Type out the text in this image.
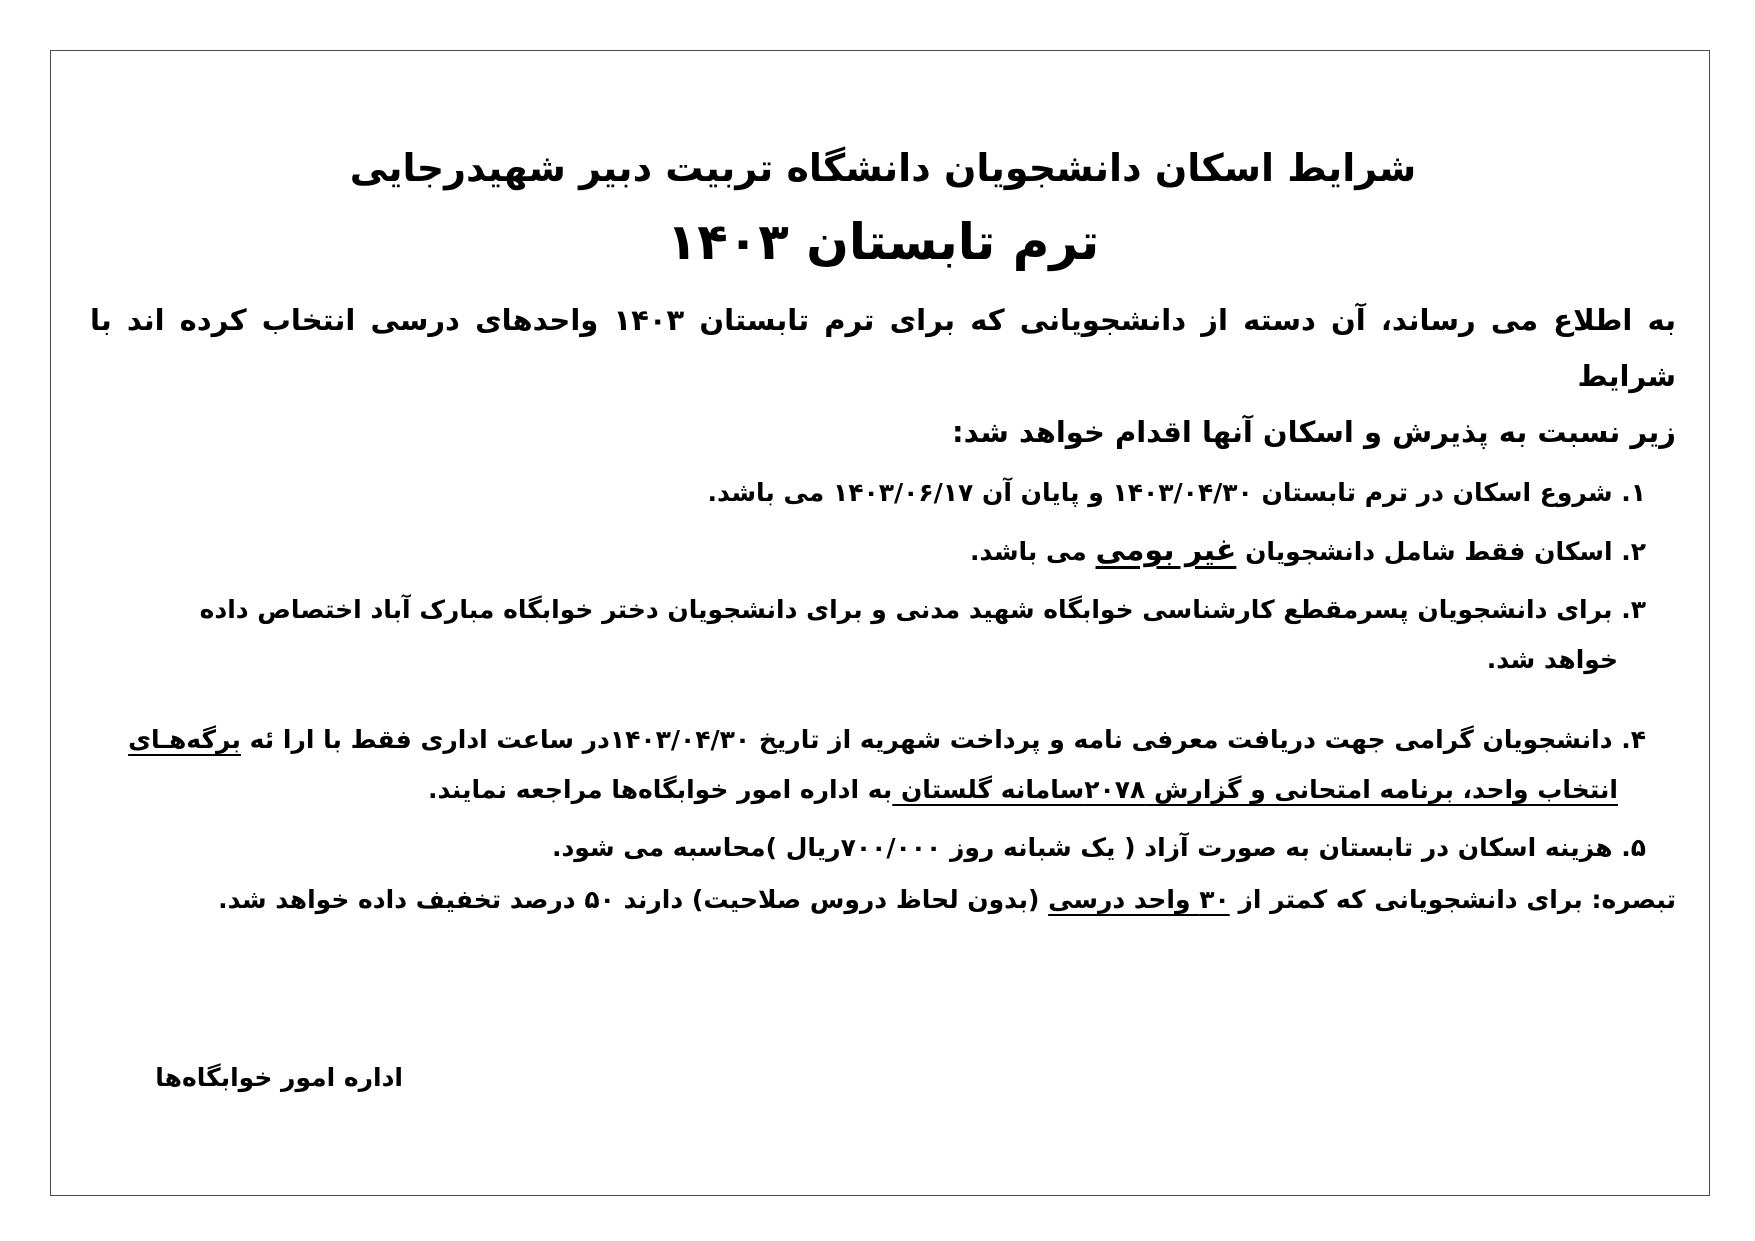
شرایط اسکان دانشجویان دانشگاه تربیت دبیر شهیدرجایی
ترم تابستان ۱۴۰۳
به اطلاع می رساند، آن دسته از دانشجویانی که برای ترم تابستان ۱۴۰۳ واحدهای درسی انتخاب کرده اند با شرایط
زیر نسبت به پذیرش و اسکان آنها اقدام خواهد شد:
۱. شروع اسکان در ترم تابستان ۱۴۰۳/۰۴/۳۰ و پایان آن ۱۴۰۳/۰۶/۱۷ می باشد.
۲. اسکان فقط شامل دانشجویان غیر بومی می باشد.
۳. برای دانشجویان پسرمقطع کارشناسی خوابگاه شهید مدنی و برای دانشجویان دختر خوابگاه مبارک آباد اختصاص داده
خواهد شد.
۴. دانشجویان گرامی جهت دریافت معرفی نامه و پرداخت شهریه از تاریخ ۱۴۰۳/۰۴/۳۰در ساعت اداری فقط با ارا ئه برگه‌هـای
انتخاب واحد، برنامه امتحانی و گزارش ۲۰۷۸سامانه گلستان به اداره امور خوابگاه‌ها مراجعه نمایند.
۵. هزینه اسکان در تابستان به صورت آزاد ( یک شبانه روز ۷۰۰/۰۰۰ریال )محاسبه می شود.
تبصره: برای دانشجویانی که کمتر از ۳۰ واحد درسی (بدون لحاظ دروس صلاحیت) دارند ۵۰ درصد تخفیف داده خواهد شد.
اداره امور خوابگاه‌ها
